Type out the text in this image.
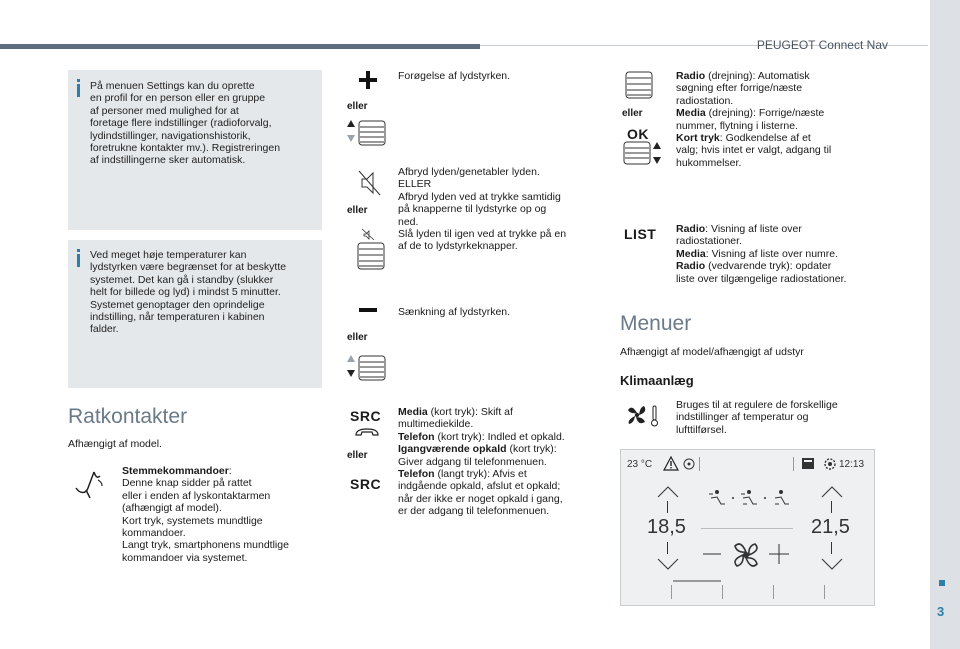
PEUGEOT Connect Nav
3
På menuen Settings kan du oprette
en profil for en person eller en gruppe
af personer med mulighed for at
foretage flere indstillinger (radioforvalg,
lydindstillinger, navigationshistorik,
foretrukne kontakter mv.). Registreringen
af indstillingerne sker automatisk.
Ved meget høje temperaturer kan
lydstyrken være begrænset for at beskytte
systemet. Det kan gå i standby (slukker
helt for billede og lyd) i mindst 5 minutter.
Systemet genoptager den oprindelige
indstilling, når temperaturen i kabinen
falder.
Ratkontakter
Afhængigt af model.
Stemmekommandoer:
Denne knap sidder på rattet
eller i enden af lyskontaktarmen
(afhængigt af model).
Kort tryk, systemets mundtlige
kommandoer.
Langt tryk, smartphonens mundtlige
kommandoer via systemet.
eller
Forøgelse af lydstyrken.
eller
Afbryd lyden/genetabler lyden.
ELLER
Afbryd lyden ved at trykke samtidig
på knapperne til lydstyrke op og
ned.
Slå lyden til igen ved at trykke på en
af de to lydstyrkeknapper.
eller
Sænkning af lydstyrken.
SRC
eller
SRC
Media (kort tryk): Skift af
multimediekilde.
Telefon (kort tryk): Indled et opkald.
Igangværende opkald (kort tryk):
Giver adgang til telefonmenuen.
Telefon (langt tryk): Afvis et
indgående opkald, afslut et opkald;
når der ikke er noget opkald i gang,
er der adgang til telefonmenuen.
eller
OK
Radio (drejning): Automatisk
søgning efter forrige/næste
radiostation.
Media (drejning): Forrige/næste
nummer, flytning i listerne.
Kort tryk: Godkendelse af et
valg; hvis intet er valgt, adgang til
hukommelser.
LIST Radio: Visning af liste over
radiostationer.
Media: Visning af liste over numre.
Radio (vedvarende tryk): opdater
liste over tilgængelige radiostationer.
Menuer
Afhængigt af model/afhængigt af udstyr
Klimaanlæg
Bruges til at regulere de forskellige
indstillinger af temperatur og
lufttilførsel.
23 °C	12:13
18,5	21,5
